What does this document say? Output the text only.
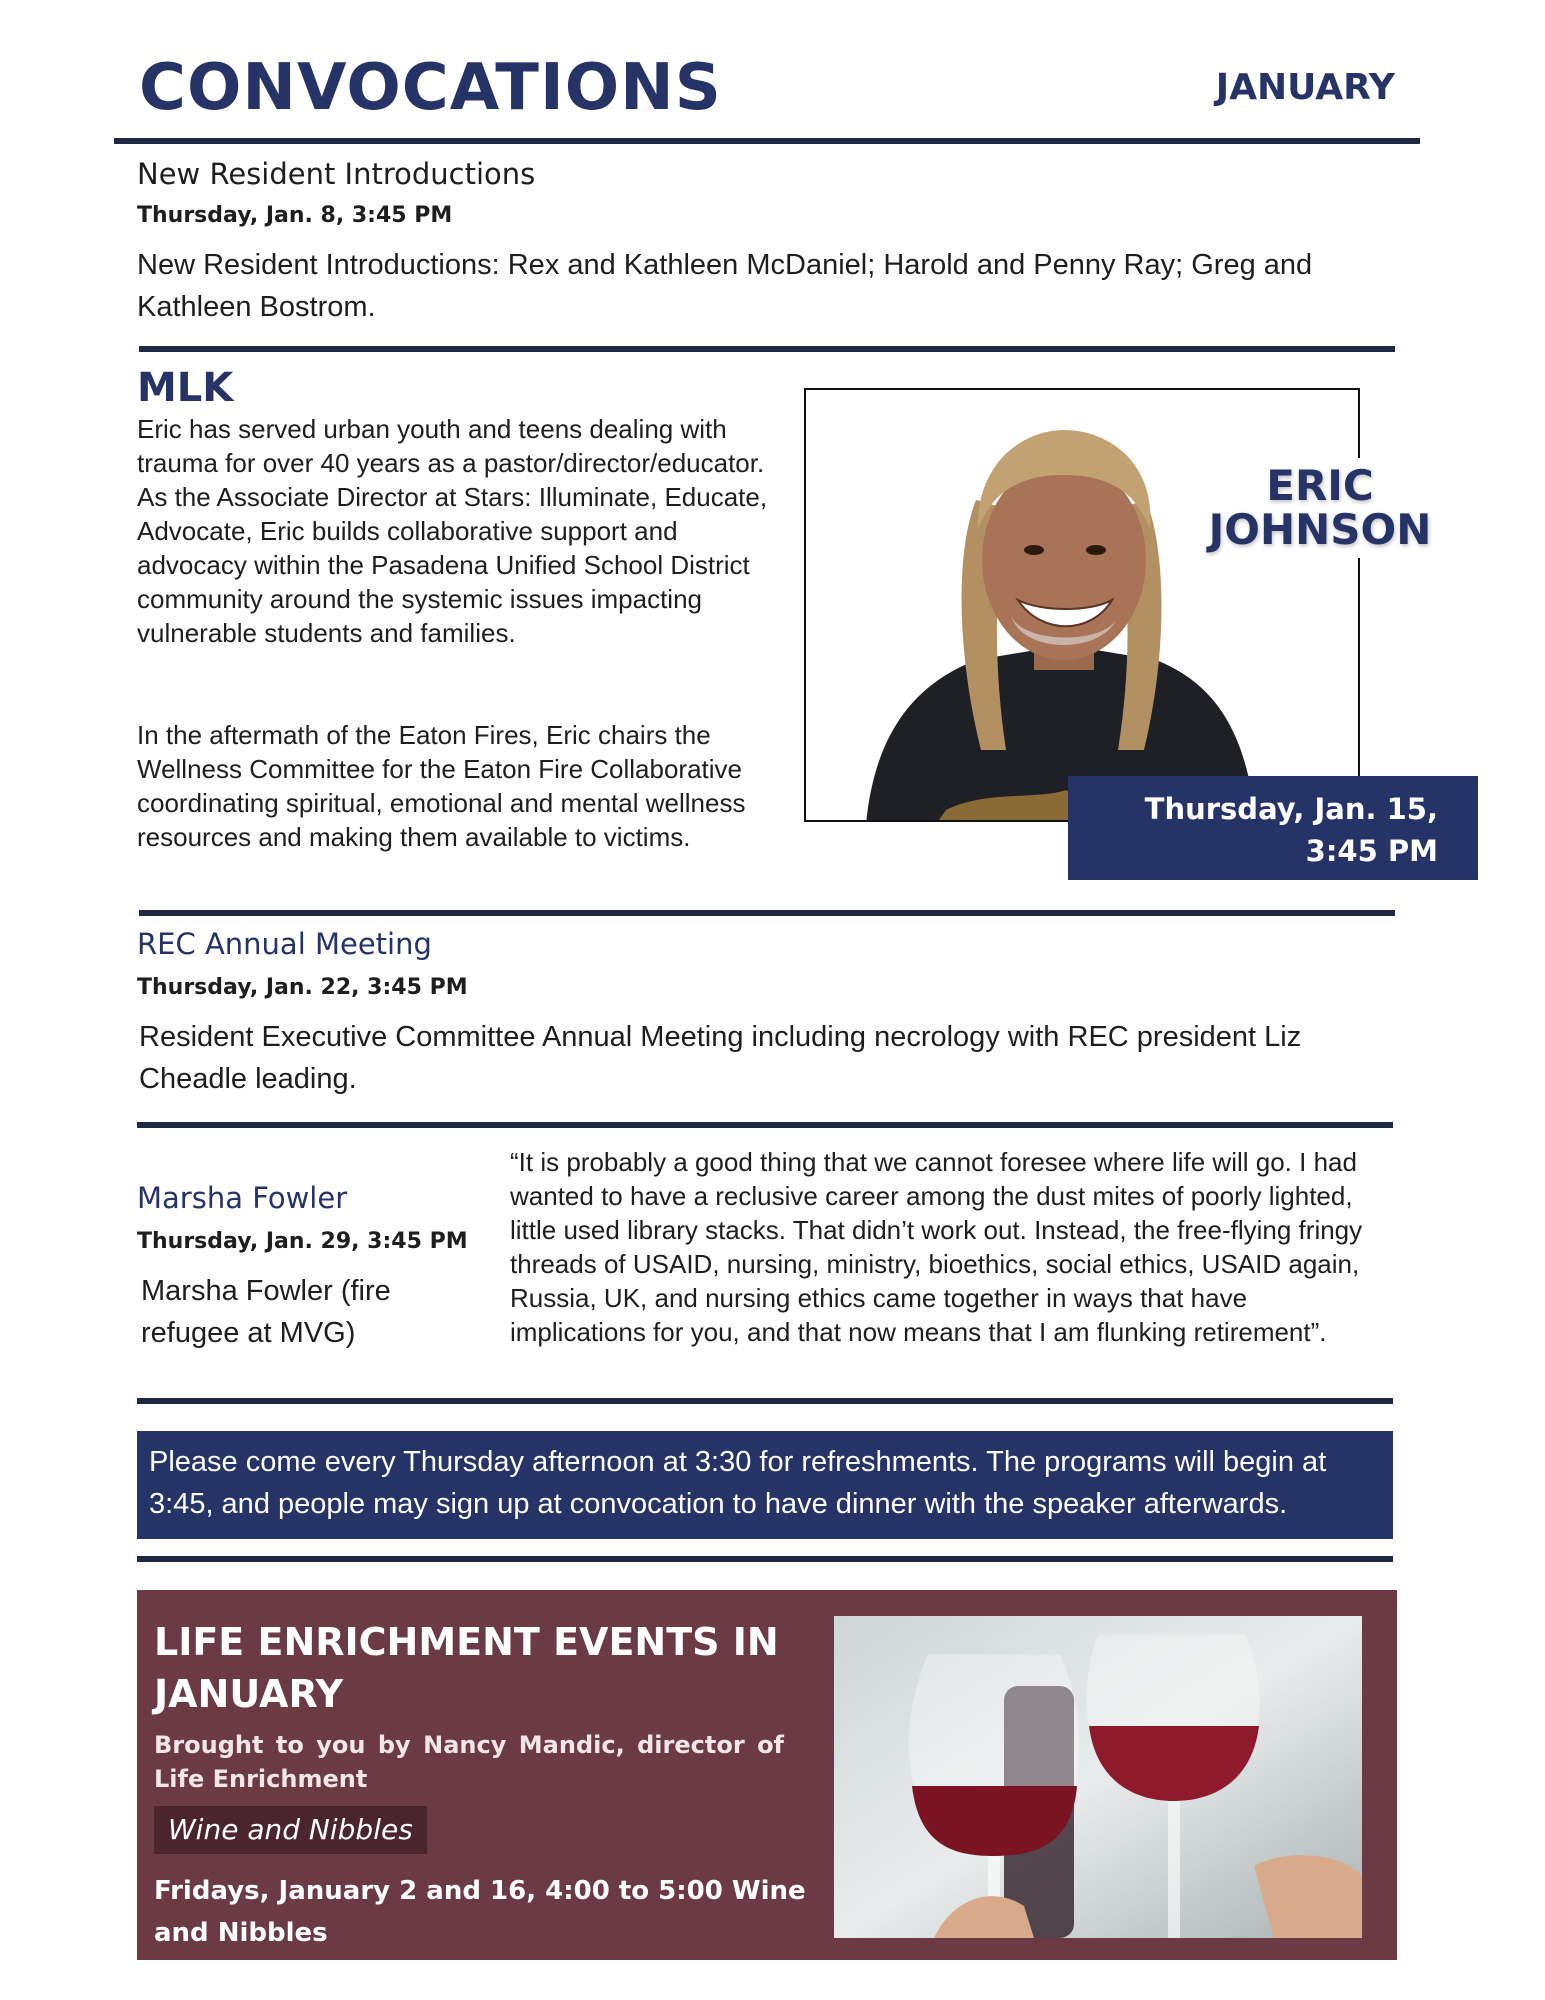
CONVOCATIONS	JANUARY
New Resident Introductions
Thursday, Jan. 8, 3:45 PM
New Resident Introductions: Rex and Kathleen McDaniel; Harold and Penny Ray; Greg and Kathleen Bostrom.
MLK
Eric has served urban youth and teens dealing with trauma for over 40 years as a pastor/director/educator. As the Associate Director at Stars: Illuminate, Educate, Advocate, Eric builds collaborative support and advocacy within the Pasadena Unified School District community around the systemic issues impacting vulnerable students and families.
In the aftermath of the Eaton Fires, Eric chairs the Wellness Committee for the Eaton Fire Collaborative coordinating spiritual, emotional and mental wellness resources and making them available to victims.
ERIC
JOHNSON
Thursday, Jan. 15,
3:45 PM
REC Annual Meeting
Thursday, Jan. 22, 3:45 PM
Resident Executive Committee Annual Meeting including necrology with REC president Liz Cheadle leading.
Marsha Fowler
Thursday, Jan. 29, 3:45 PM
Marsha Fowler (fire refugee at MVG)
“It is probably a good thing that we cannot foresee where life will go. I had wanted to have a reclusive career among the dust mites of poorly lighted, little used library stacks. That didn’t work out. Instead, the free-flying fringy threads of USAID, nursing, ministry, bioethics, social ethics, USAID again, Russia, UK, and nursing ethics came together in ways that have implications for you, and that now means that I am flunking retirement”.
Please come every Thursday afternoon at 3:30 for refreshments. The programs will begin at 3:45, and people may sign up at convocation to have dinner with the speaker afterwards.
LIFE ENRICHMENT EVENTS IN JANUARY
Brought to you by Nancy Mandic, director of Life Enrichment
Wine and Nibbles
Fridays, January 2 and 16, 4:00 to 5:00 Wine and Nibbles
